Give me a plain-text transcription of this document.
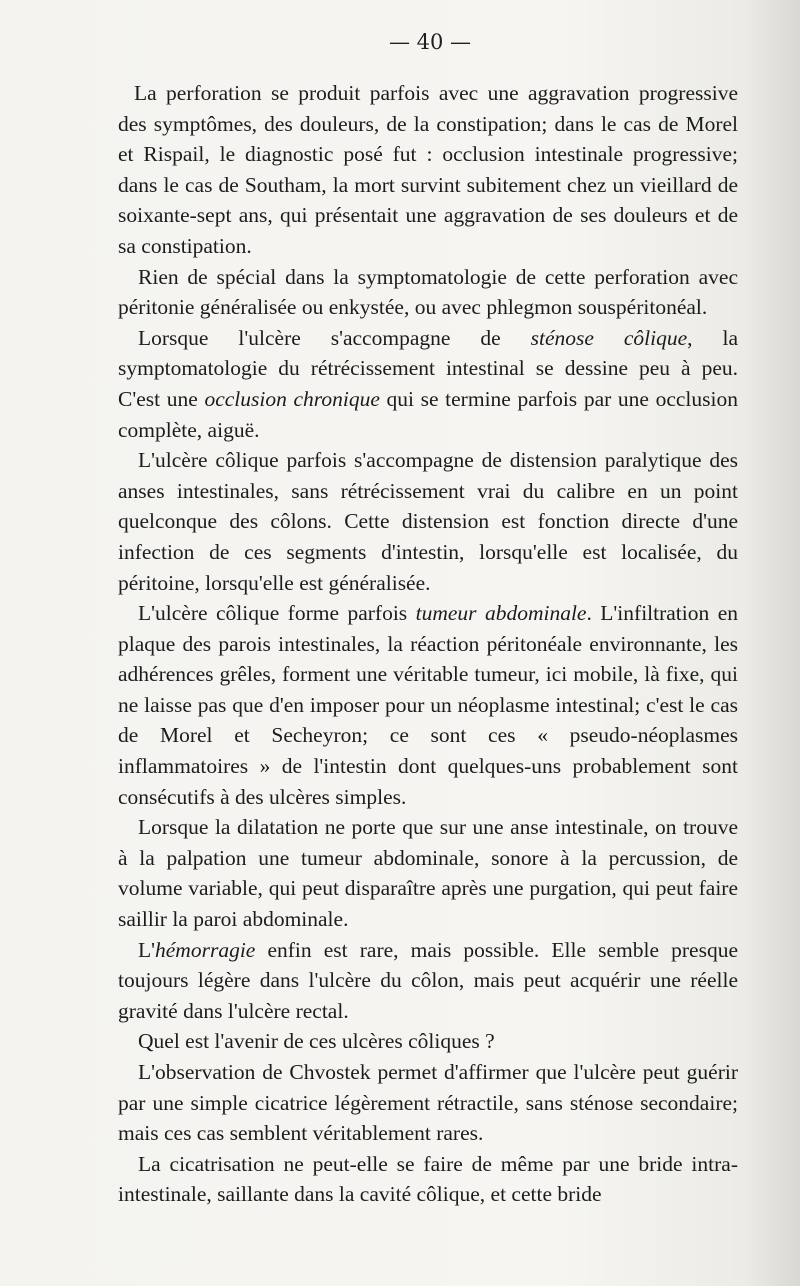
— 40 —

La perforation se produit parfois avec une aggravation progressive des symptômes, des douleurs, de la constipation; dans le cas de Morel et Rispail, le diagnostic posé fut : occlusion intestinale progressive; dans le cas de Southam, la mort survint subitement chez un vieillard de soixante-sept ans, qui présentait une aggravation de ses douleurs et de sa constipation.

Rien de spécial dans la symptomatologie de cette perforation avec péritonie généralisée ou enkystée, ou avec phlegmon souspéritonéal.

Lorsque l'ulcère s'accompagne de sténose côlique, la symptomatologie du rétrécissement intestinal se dessine peu à peu. C'est une occlusion chronique qui se termine parfois par une occlusion complète, aiguë.

L'ulcère côlique parfois s'accompagne de distension paralytique des anses intestinales, sans rétrécissement vrai du calibre en un point quelconque des côlons. Cette distension est fonction directe d'une infection de ces segments d'intestin, lorsqu'elle est localisée, du péritoine, lorsqu'elle est généralisée.

L'ulcère côlique forme parfois tumeur abdominale. L'infiltration en plaque des parois intestinales, la réaction péritonéale environnante, les adhérences grêles, forment une véritable tumeur, ici mobile, là fixe, qui ne laisse pas que d'en imposer pour un néoplasme intestinal; c'est le cas de Morel et Secheyron; ce sont ces « pseudo-néoplasmes inflammatoires » de l'intestin dont quelques-uns probablement sont consécutifs à des ulcères simples.

Lorsque la dilatation ne porte que sur une anse intestinale, on trouve à la palpation une tumeur abdominale, sonore à la percussion, de volume variable, qui peut disparaître après une purgation, qui peut faire saillir la paroi abdominale.

L'hémorragie enfin est rare, mais possible. Elle semble presque toujours légère dans l'ulcère du côlon, mais peut acquérir une réelle gravité dans l'ulcère rectal.

Quel est l'avenir de ces ulcères côliques ?

L'observation de Chvostek permet d'affirmer que l'ulcère peut guérir par une simple cicatrice légèrement rétractile, sans sténose secondaire; mais ces cas semblent véritablement rares.

La cicatrisation ne peut-elle se faire de même par une bride intra-intestinale, saillante dans la cavité côlique, et cette bride
